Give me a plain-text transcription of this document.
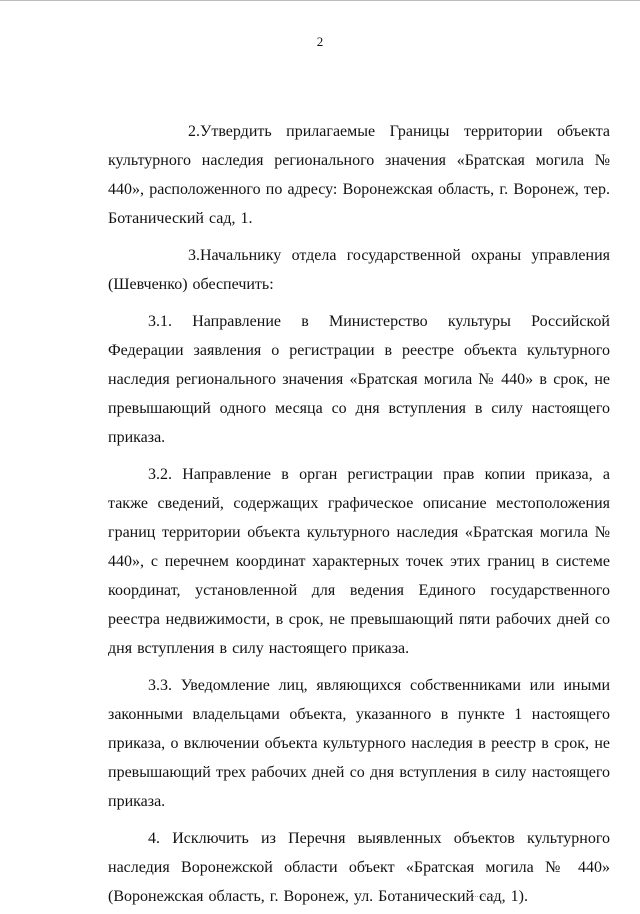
2

2.Утвердить прилагаемые Границы территории объекта культурного наследия регионального значения «Братская могила № 440», расположенного по адресу: Воронежская область, г. Воронеж, тер. Ботанический сад, 1.

3.Начальнику отдела государственной охраны управления (Шевченко) обеспечить:

3.1. Направление в Министерство культуры Российской Федерации заявления о регистрации в реестре объекта культурного наследия регионального значения «Братская могила № 440» в срок, не превышающий одного месяца со дня вступления в силу настоящего приказа.

3.2. Направление в орган регистрации прав копии приказа, а также сведений, содержащих графическое описание местоположения границ территории объекта культурного наследия «Братская могила № 440», с перечнем координат характерных точек этих границ в системе координат, установленной для ведения Единого государственного реестра недвижимости, в срок, не превышающий пяти рабочих дней со дня вступления в силу настоящего приказа.

3.3. Уведомление лиц, являющихся собственниками или иными законными владельцами объекта, указанного в пункте 1 настоящего приказа, о включении объекта культурного наследия в реестр в срок, не превышающий трех рабочих дней со дня вступления в силу настоящего приказа.

4. Исключить из Перечня выявленных объектов культурного наследия Воронежской области объект «Братская могила № 440» (Воронежская область, г. Воронеж, ул. Ботанический сад, 1).
